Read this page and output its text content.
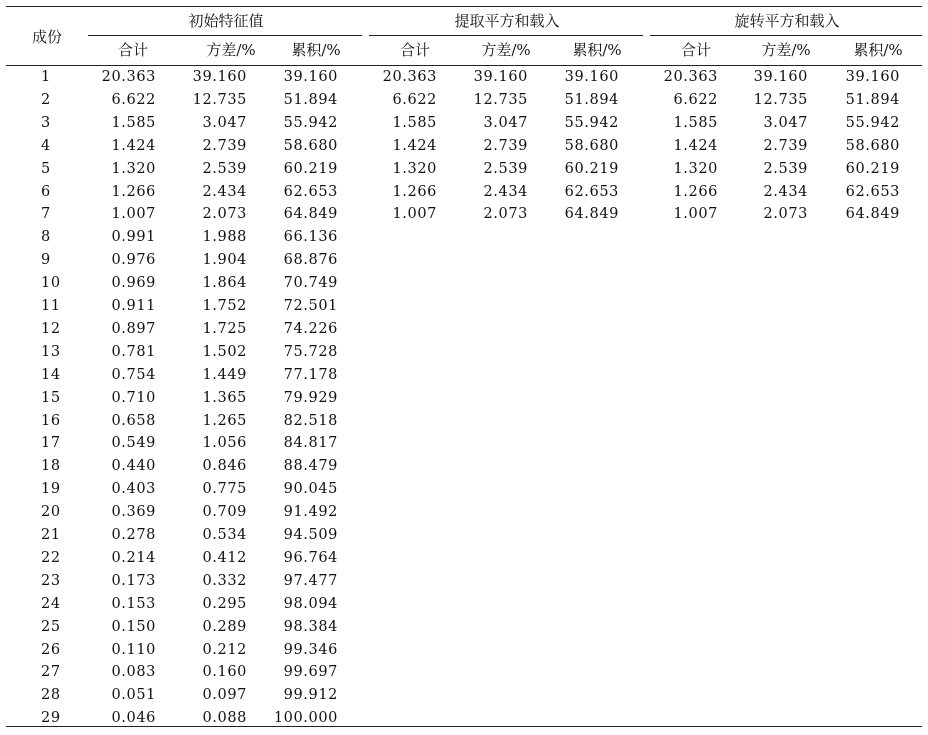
成份
初始特征值	提取平方和载入	旋转平方和载入
合计	方差/% 累积/%	合计	方差/%	累积/%	合计	方差/%	累积/%
1	20.363	39.160	39.160	20.363	39.160	39.160	20.363 39.160	39.160
2	6.622	12.735	51.894	6.622	12.735	51.894	6.622 12.735	51.894
3	1.585	3.047	55.942	1.585	3.047	55.942	1.585	3.047	55.942
4	1.424	2.739	58.680	1.424	2.739	58.680	1.424	2.739	58.680
5	1.320	2.539	60.219	1.320	2.539	60.219	1.320	2.539	60.219
6	1.266	2.434	62.653	1.266	2.434	62.653	1.266	2.434	62.653
7	1.007	2.073	64.849	1.007	2.073	64.849	1.007	2.073	64.849
8	0.991	1.988	66.136
9	0.976	1.904	68.876
10	0.969	1.864	70.749
11	0.911	1.752	72.501
12	0.897	1.725	74.226
13	0.781	1.502	75.728
14	0.754	1.449	77.178
15	0.710	1.365	79.929
16	0.658	1.265	82.518
17	0.549	1.056	84.817
18	0.440	0.846	88.479
19	0.403	0.775	90.045
20	0.369	0.709	91.492
21	0.278	0.534	94.509
22	0.214	0.412	96.764
23	0.173	0.332	97.477
24	0.153	0.295	98.094
25	0.150	0.289	98.384
26	0.110	0.212	99.346
27	0.083	0.160	99.697
28	0.051	0.097	99.912
29	0.046	0.088 100.000
